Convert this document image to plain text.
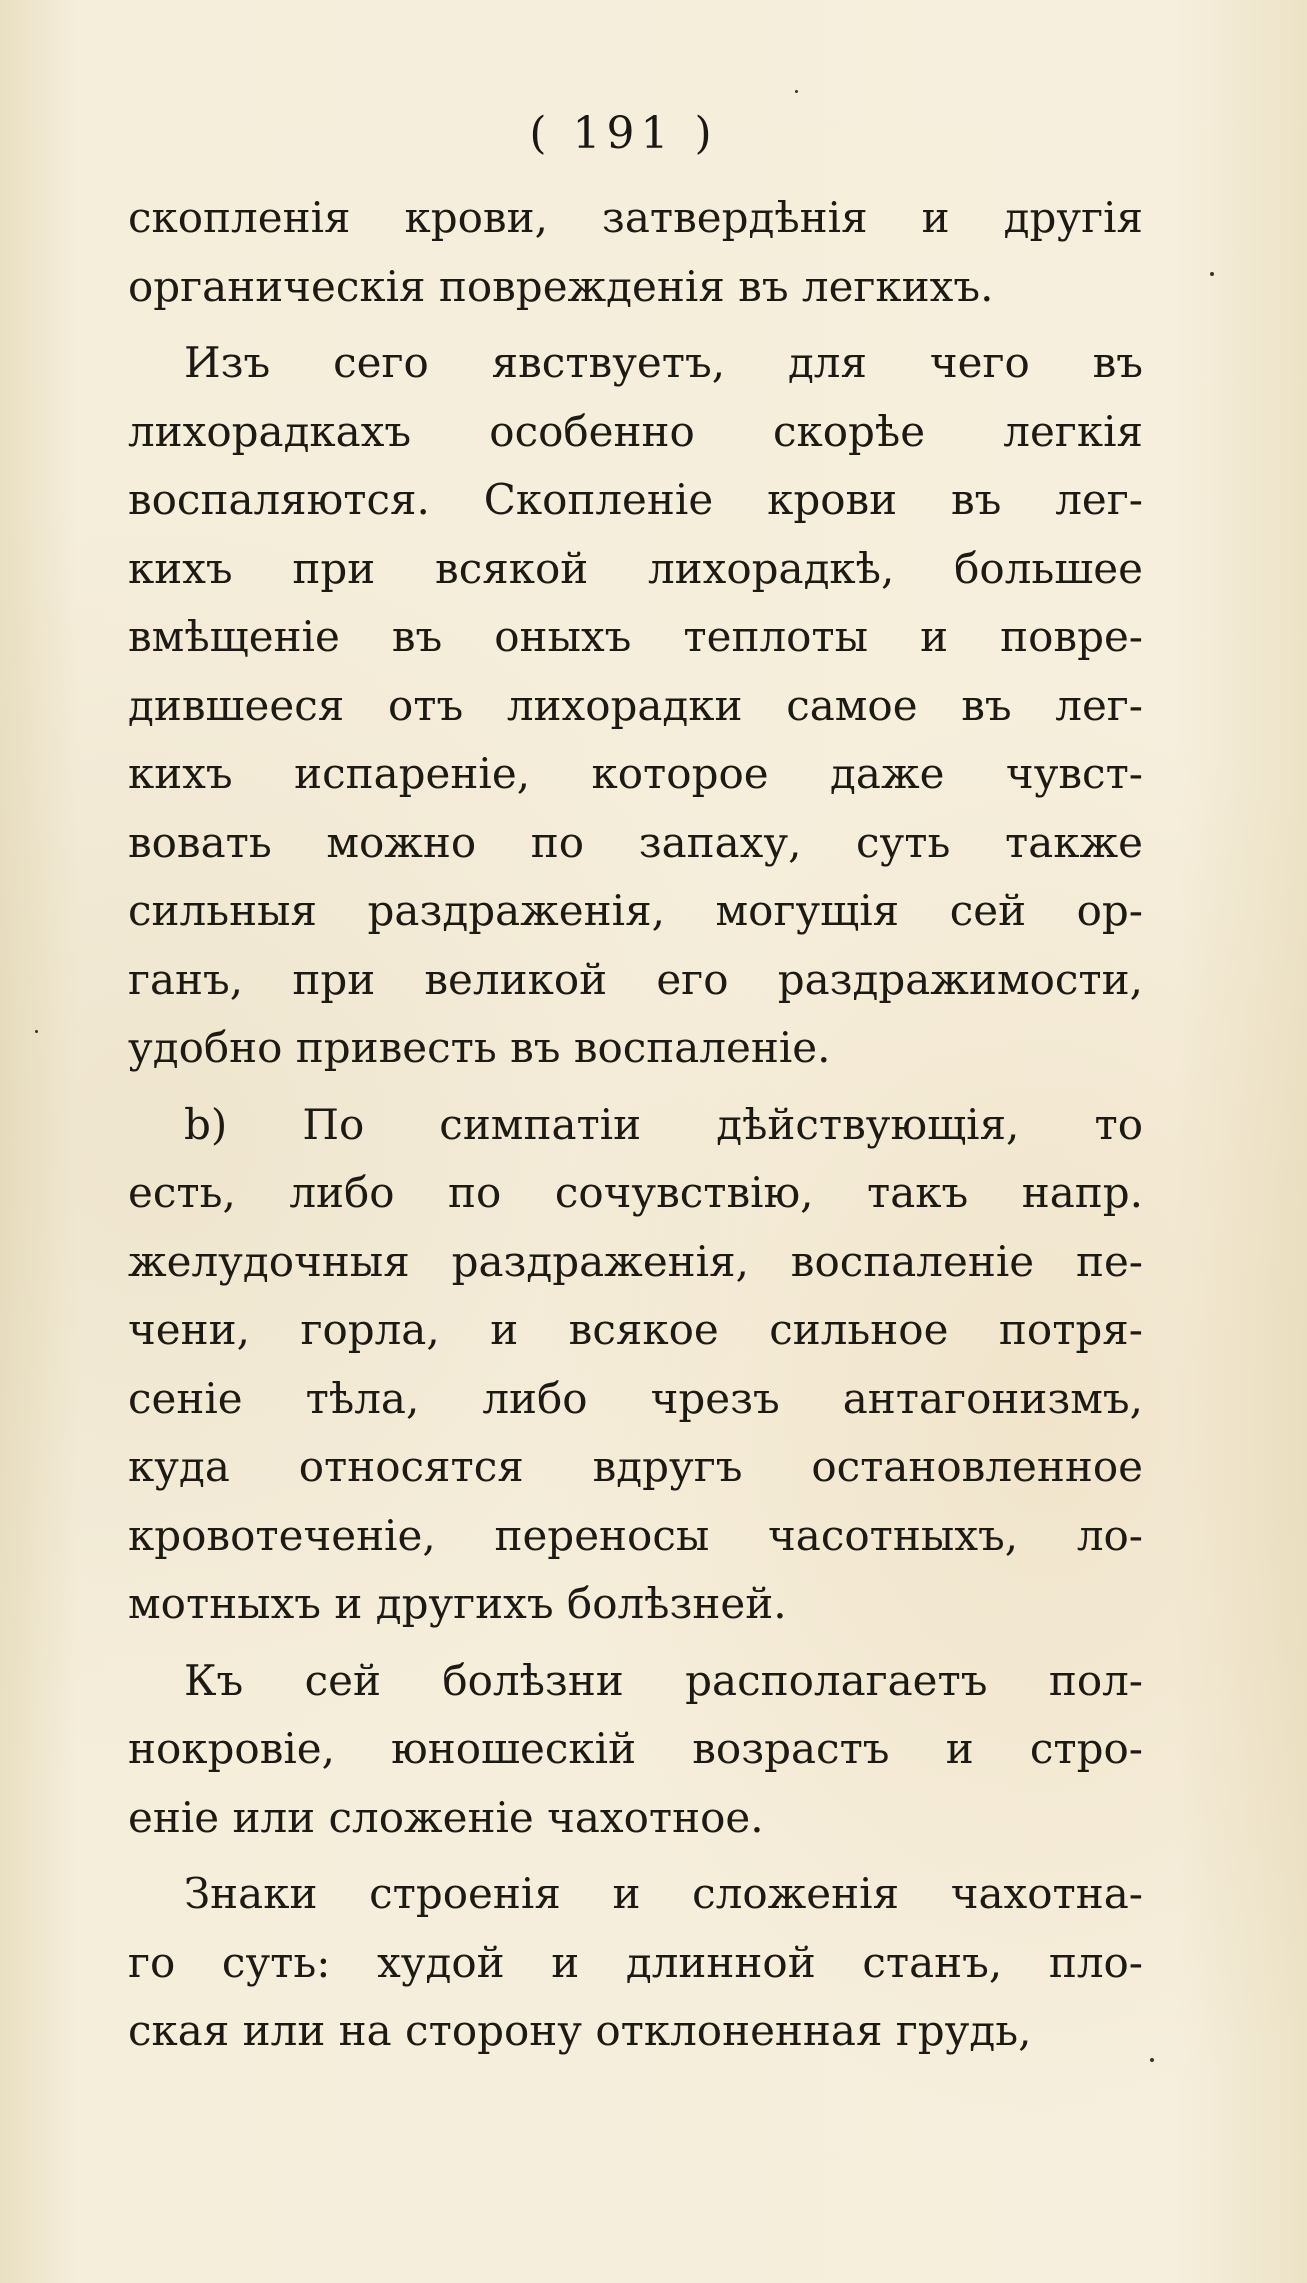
( 191 )
скопленія крови, затвердѣнія и другія
органическія поврежденія въ легкихъ.
Изъ сего явствуетъ, для чего въ
лихорадкахъ особенно скорѣе легкія
воспаляются. Скопленіе крови въ лег-
кихъ при всякой лихорадкѣ, большее
вмѣщеніе въ оныхъ теплоты и повре-
дившееся отъ лихорадки самое въ лег-
кихъ испареніе, которое даже чувст-
вовать можно по запаху, суть также
сильныя раздраженія, могущія сей ор-
ганъ, при великой его раздражимости,
удобно привесть въ воспаленіе.
b) По симпатіи дѣйствующія, то
есть, либо по сочувствію, такъ напр.
желудочныя раздраженія, воспаленіе пе-
чени, горла, и всякое сильное потря-
сеніе тѣла, либо чрезъ антагонизмъ,
куда относятся вдругъ остановленное
кровотеченіе, переносы часотныхъ, ло-
мотныхъ и другихъ болѣзней.
Къ сей болѣзни располагаетъ пол-
нокровіе, юношескій возрастъ и стро-
еніе или сложеніе чахотное.
Знаки строенія и сложенія чахотна-
го суть: худой и длинной станъ, пло-
ская или на сторону отклоненная грудь,
